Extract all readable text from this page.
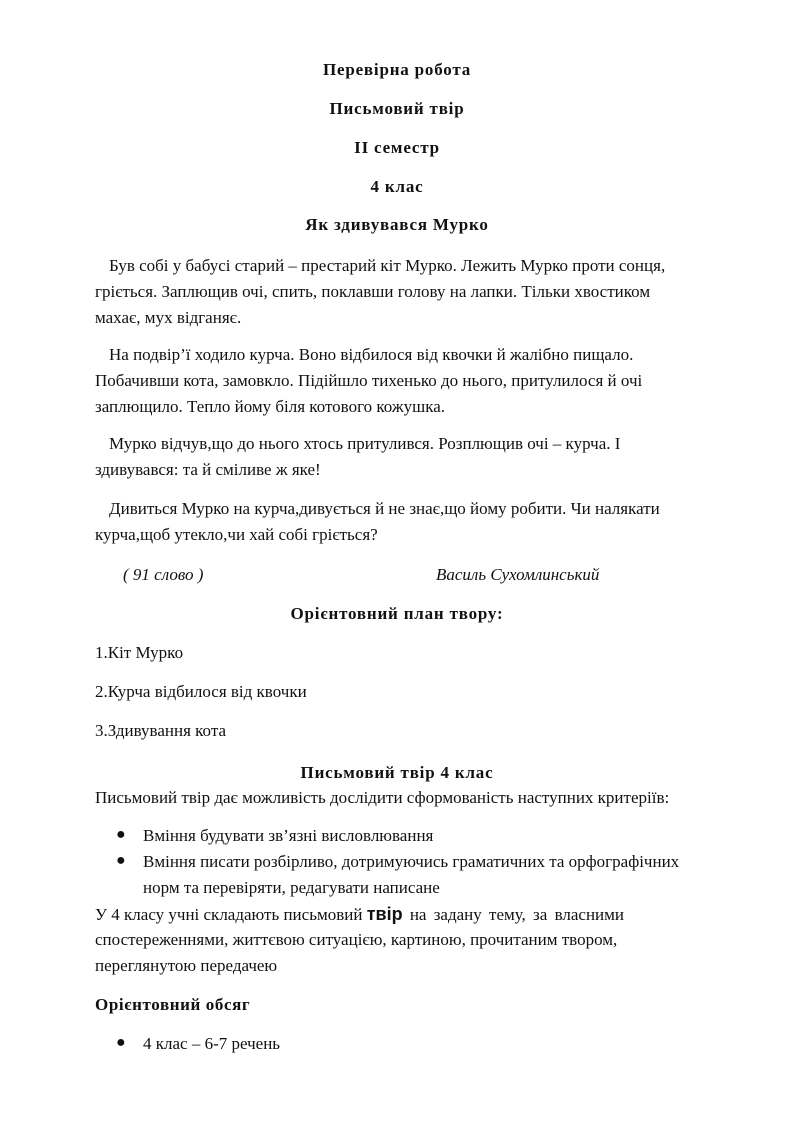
Перевірна робота
Письмовий твір
II семестр
4 клас
Як здивувався Мурко
Був собі у бабусі старий – престарий кіт Мурко. Лежить Мурко проти сонця,
гріється. Заплющив очі, спить, поклавши голову на лапки. Тільки хвостиком
махає, мух відганяє.
На подвір’ї ходило курча. Воно відбилося від квочки й жалібно пищало.
Побачивши кота, замовкло. Підійшло тихенько до нього, притулилося й очі
заплющило. Тепло йому біля котового кожушка.
Мурко відчув,що до нього хтось притулився. Розплющив очі – курча. І
здивувався: та й сміливе ж яке!
Дивиться Мурко на курча,дивується й не знає,що йому робити. Чи налякати
курча,щоб утекло,чи хай собі гріється?
( 91 слово )	Василь Сухомлинський
Орієнтовний план твору:
1.Кіт Мурко
2.Курча відбилося від квочки
3.Здивування кота
Письмовий твір 4 клас
Письмовий твір дає можливість дослідити сформованість наступних критеріїв:
● Вміння будувати зв’язні висловлювання
● Вміння писати розбірливо, дотримуючись граматичних та орфографічних
норм та перевіряти, редагувати написане
У 4 класу учні складають письмовий твір на задану тему, за власними
спостереженнями, життєвою ситуацією, картиною, прочитаним твором,
переглянутою передачею
Орієнтовний обсяг
● 4 клас – 6-7 речень
